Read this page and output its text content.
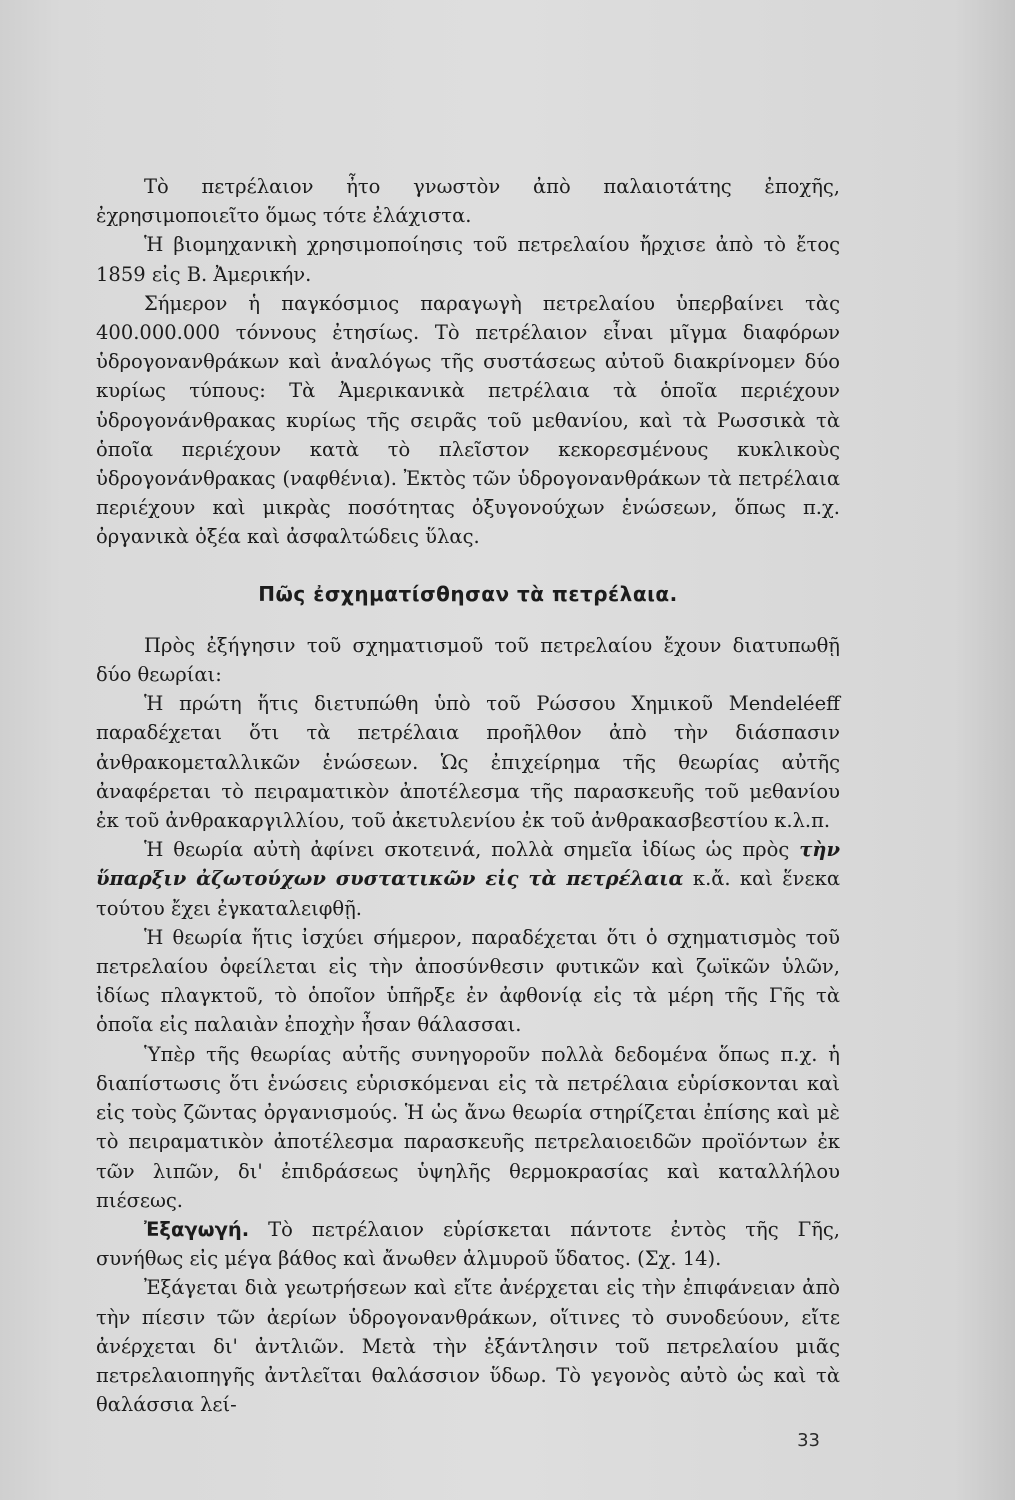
Τὸ πετρέλαιον ἦτο γνωστὸν ἀπὸ παλαιοτάτης ἐποχῆς, ἐχρησιμοποιεῖτο ὅμως τότε ἐλάχιστα.

Ἡ βιομηχανικὴ χρησιμοποίησις τοῦ πετρελαίου ἤρχισε ἀπὸ τὸ ἔτος 1859 εἰς Β. Ἀμερικήν.

Σήμερον ἡ παγκόσμιος παραγωγὴ πετρελαίου ὑπερβαίνει τὰς 400.000.000 τόννους ἐτησίως. Τὸ πετρέλαιον εἶναι μῖγμα διαφόρων ὑδρογονανθράκων καὶ ἀναλόγως τῆς συστάσεως αὐτοῦ διακρίνομεν δύο κυρίως τύπους: Τὰ Ἀμερικανικὰ πετρέλαια τὰ ὁποῖα περιέχουν ὑδρογονάνθρακας κυρίως τῆς σειρᾶς τοῦ μεθανίου, καὶ τὰ Ρωσσικὰ τὰ ὁποῖα περιέχουν κατὰ τὸ πλεῖστον κεκορεσμένους κυκλικοὺς ὑδρογονάνθρακας (ναφθένια). Ἐκτὸς τῶν ὑδρογονανθράκων τὰ πετρέλαια περιέχουν καὶ μικρὰς ποσότητας ὀξυγονούχων ἑνώσεων, ὅπως π.χ. ὀργανικὰ ὀξέα καὶ ἀσφαλτώδεις ὕλας.

Πῶς ἐσχηματίσθησαν τὰ πετρέλαια.

Πρὸς ἐξήγησιν τοῦ σχηματισμοῦ τοῦ πετρελαίου ἔχουν διατυπωθῇ δύο θεωρίαι:

Ἡ πρώτη ἥτις διετυπώθη ὑπὸ τοῦ Ρώσσου Χημικοῦ Mendeléeff παραδέχεται ὅτι τὰ πετρέλαια προῆλθον ἀπὸ τὴν διάσπασιν ἀνθρακομεταλλικῶν ἑνώσεων. Ὡς ἐπιχείρημα τῆς θεωρίας αὐτῆς ἀναφέρεται τὸ πειραματικὸν ἀποτέλεσμα τῆς παρασκευῆς τοῦ μεθανίου ἐκ τοῦ ἀνθρακαργιλλίου, τοῦ ἀκετυλενίου ἐκ τοῦ ἀνθρακασβεστίου κ.λ.π.

Ἡ θεωρία αὐτὴ ἀφίνει σκοτεινά, πολλὰ σημεῖα ἰδίως ὡς πρὸς τὴν ὕπαρξιν ἀζωτούχων συστατικῶν εἰς τὰ πετρέλαια κ.ἄ. καὶ ἕνεκα τούτου ἔχει ἐγκαταλειφθῇ.

Ἡ θεωρία ἥτις ἰσχύει σήμερον, παραδέχεται ὅτι ὁ σχηματισμὸς τοῦ πετρελαίου ὀφείλεται εἰς τὴν ἀποσύνθεσιν φυτικῶν καὶ ζωϊκῶν ὑλῶν, ἰδίως πλαγκτοῦ, τὸ ὁποῖον ὑπῆρξε ἐν ἀφθονίᾳ εἰς τὰ μέρη τῆς Γῆς τὰ ὁποῖα εἰς παλαιὰν ἐποχὴν ἦσαν θάλασσαι.

Ὑπὲρ τῆς θεωρίας αὐτῆς συνηγοροῦν πολλὰ δεδομένα ὅπως π.χ. ἡ διαπίστωσις ὅτι ἑνώσεις εὑρισκόμεναι εἰς τὰ πετρέλαια εὑρίσκονται καὶ εἰς τοὺς ζῶντας ὀργανισμούς. Ἡ ὡς ἄνω θεωρία στηρίζεται ἐπίσης καὶ μὲ τὸ πειραματικὸν ἀποτέλεσμα παρασκευῆς πετρελαιοειδῶν προϊόντων ἐκ τῶν λιπῶν, δι' ἐπιδράσεως ὑψηλῆς θερμοκρασίας καὶ καταλλήλου πιέσεως.

Ἐξαγωγή. Τὸ πετρέλαιον εὑρίσκεται πάντοτε ἐντὸς τῆς Γῆς, συνήθως εἰς μέγα βάθος καὶ ἄνωθεν ἁλμυροῦ ὕδατος. (Σχ. 14).

Ἐξάγεται διὰ γεωτρήσεων καὶ εἴτε ἀνέρχεται εἰς τὴν ἐπιφάνειαν ἀπὸ τὴν πίεσιν τῶν ἀερίων ὑδρογονανθράκων, οἵτινες τὸ συνοδεύουν, εἴτε ἀνέρχεται δι' ἀντλιῶν. Μετὰ τὴν ἐξάντλησιν τοῦ πετρελαίου μιᾶς πετρελαιοπηγῆς ἀντλεῖται θαλάσσιον ὕδωρ. Τὸ γεγονὸς αὐτὸ ὡς καὶ τὰ θαλάσσια λεί-

33
